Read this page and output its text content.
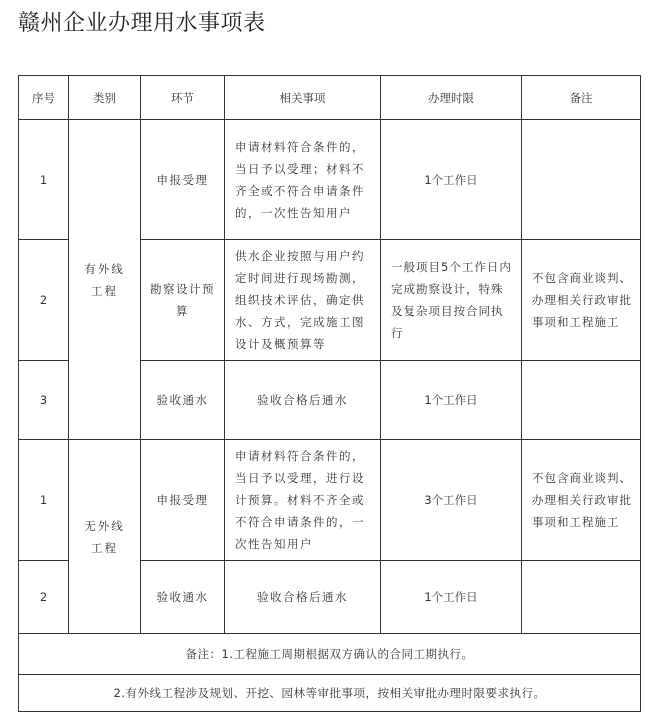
赣州企业办理用水事项表
序号	类别	环节	相关事项	办理时限	备注
1	有外线工程	申报受理	申请材料符合条件的，当日予以受理；材料不齐全或不符合申请条件的，一次性告知用户	1个工作日	
2		勘察设计预算	供水企业按照与用户约定时间进行现场勘测，组织技术评估，确定供水、方式，完成施工图设计及概预算等	一般项目5个工作日内完成勘察设计，特殊及复杂项目按合同执行	不包含商业谈判、办理相关行政审批事项和工程施工
3		验收通水	验收合格后通水	1个工作日	
1	无外线工程	申报受理	申请材料符合条件的，当日予以受理，进行设计预算。材料不齐全或不符合申请条件的，一次性告知用户	3个工作日	不包含商业谈判、办理相关行政审批事项和工程施工
2		验收通水	验收合格后通水	1个工作日	
备注：1.工程施工周期根据双方确认的合同工期执行。					
2.有外线工程涉及规划、开挖、园林等审批事项，按相关审批办理时限要求执行。					
